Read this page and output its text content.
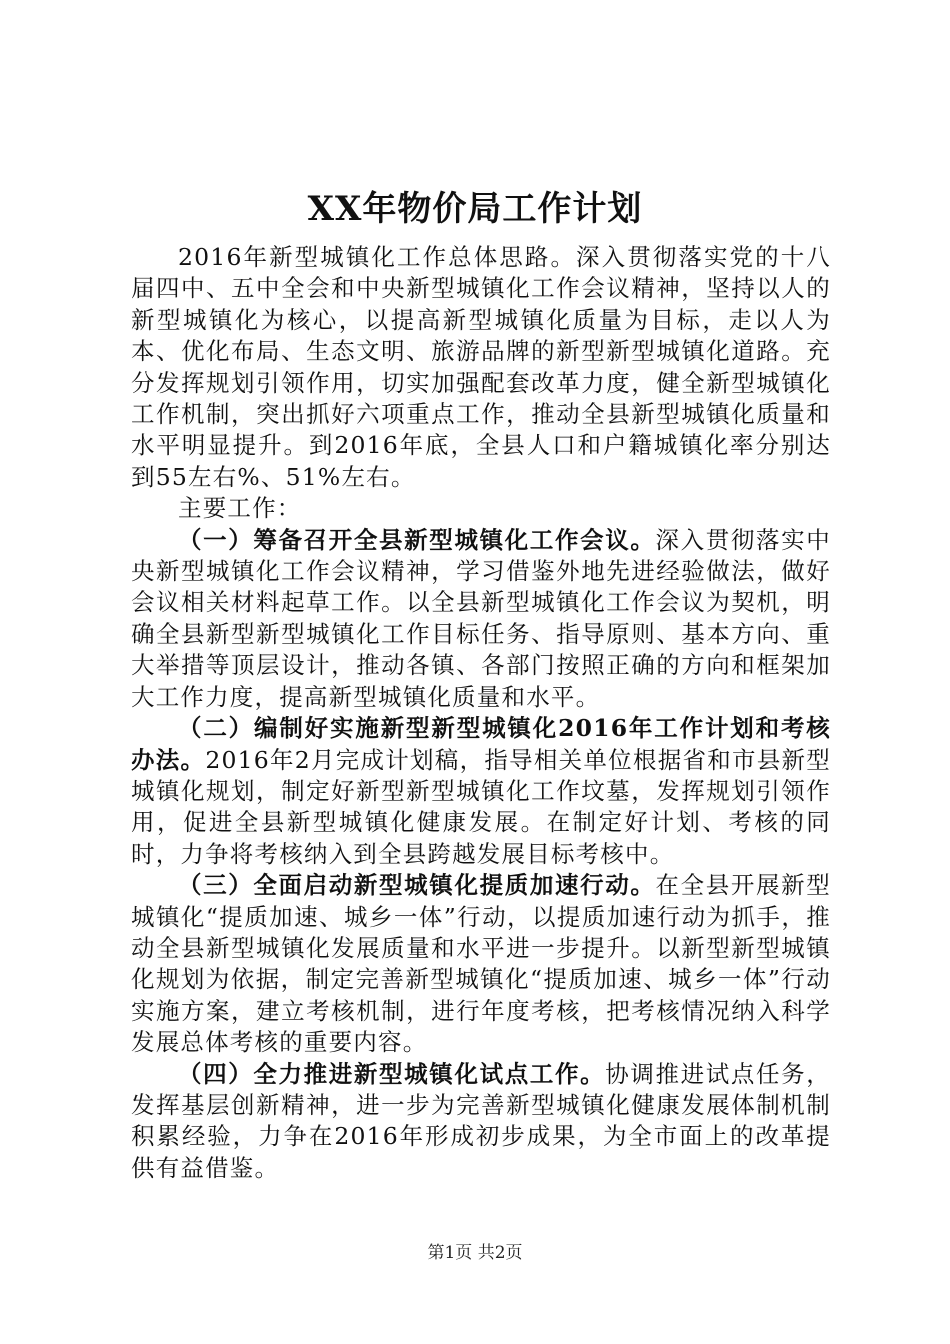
XX年物价局工作计划

2016年新型城镇化工作总体思路。深入贯彻落实党的十八届四中、五中全会和中央新型城镇化工作会议精神，坚持以人的新型城镇化为核心，以提高新型城镇化质量为目标，走以人为本、优化布局、生态文明、旅游品牌的新型新型城镇化道路。充分发挥规划引领作用，切实加强配套改革力度，健全新型城镇化工作机制，突出抓好六项重点工作，推动全县新型城镇化质量和水平明显提升。到2016年底，全县人口和户籍城镇化率分别达到55左右%、51%左右。

主要工作：

（一）筹备召开全县新型城镇化工作会议。深入贯彻落实中央新型城镇化工作会议精神，学习借鉴外地先进经验做法，做好会议相关材料起草工作。以全县新型城镇化工作会议为契机，明确全县新型新型城镇化工作目标任务、指导原则、基本方向、重大举措等顶层设计，推动各镇、各部门按照正确的方向和框架加大工作力度，提高新型城镇化质量和水平。

（二）编制好实施新型新型城镇化2016年工作计划和考核办法。2016年2月完成计划稿，指导相关单位根据省和市县新型城镇化规划，制定好新型新型城镇化工作坟墓，发挥规划引领作用，促进全县新型城镇化健康发展。在制定好计划、考核的同时，力争将考核纳入到全县跨越发展目标考核中。

（三）全面启动新型城镇化提质加速行动。在全县开展新型城镇化“提质加速、城乡一体”行动，以提质加速行动为抓手，推动全县新型城镇化发展质量和水平进一步提升。以新型新型城镇化规划为依据，制定完善新型城镇化“提质加速、城乡一体”行动实施方案，建立考核机制，进行年度考核，把考核情况纳入科学发展总体考核的重要内容。

（四）全力推进新型城镇化试点工作。协调推进试点任务，发挥基层创新精神，进一步为完善新型城镇化健康发展体制机制积累经验，力争在2016年形成初步成果，为全市面上的改革提供有益借鉴。

第1页 共2页
